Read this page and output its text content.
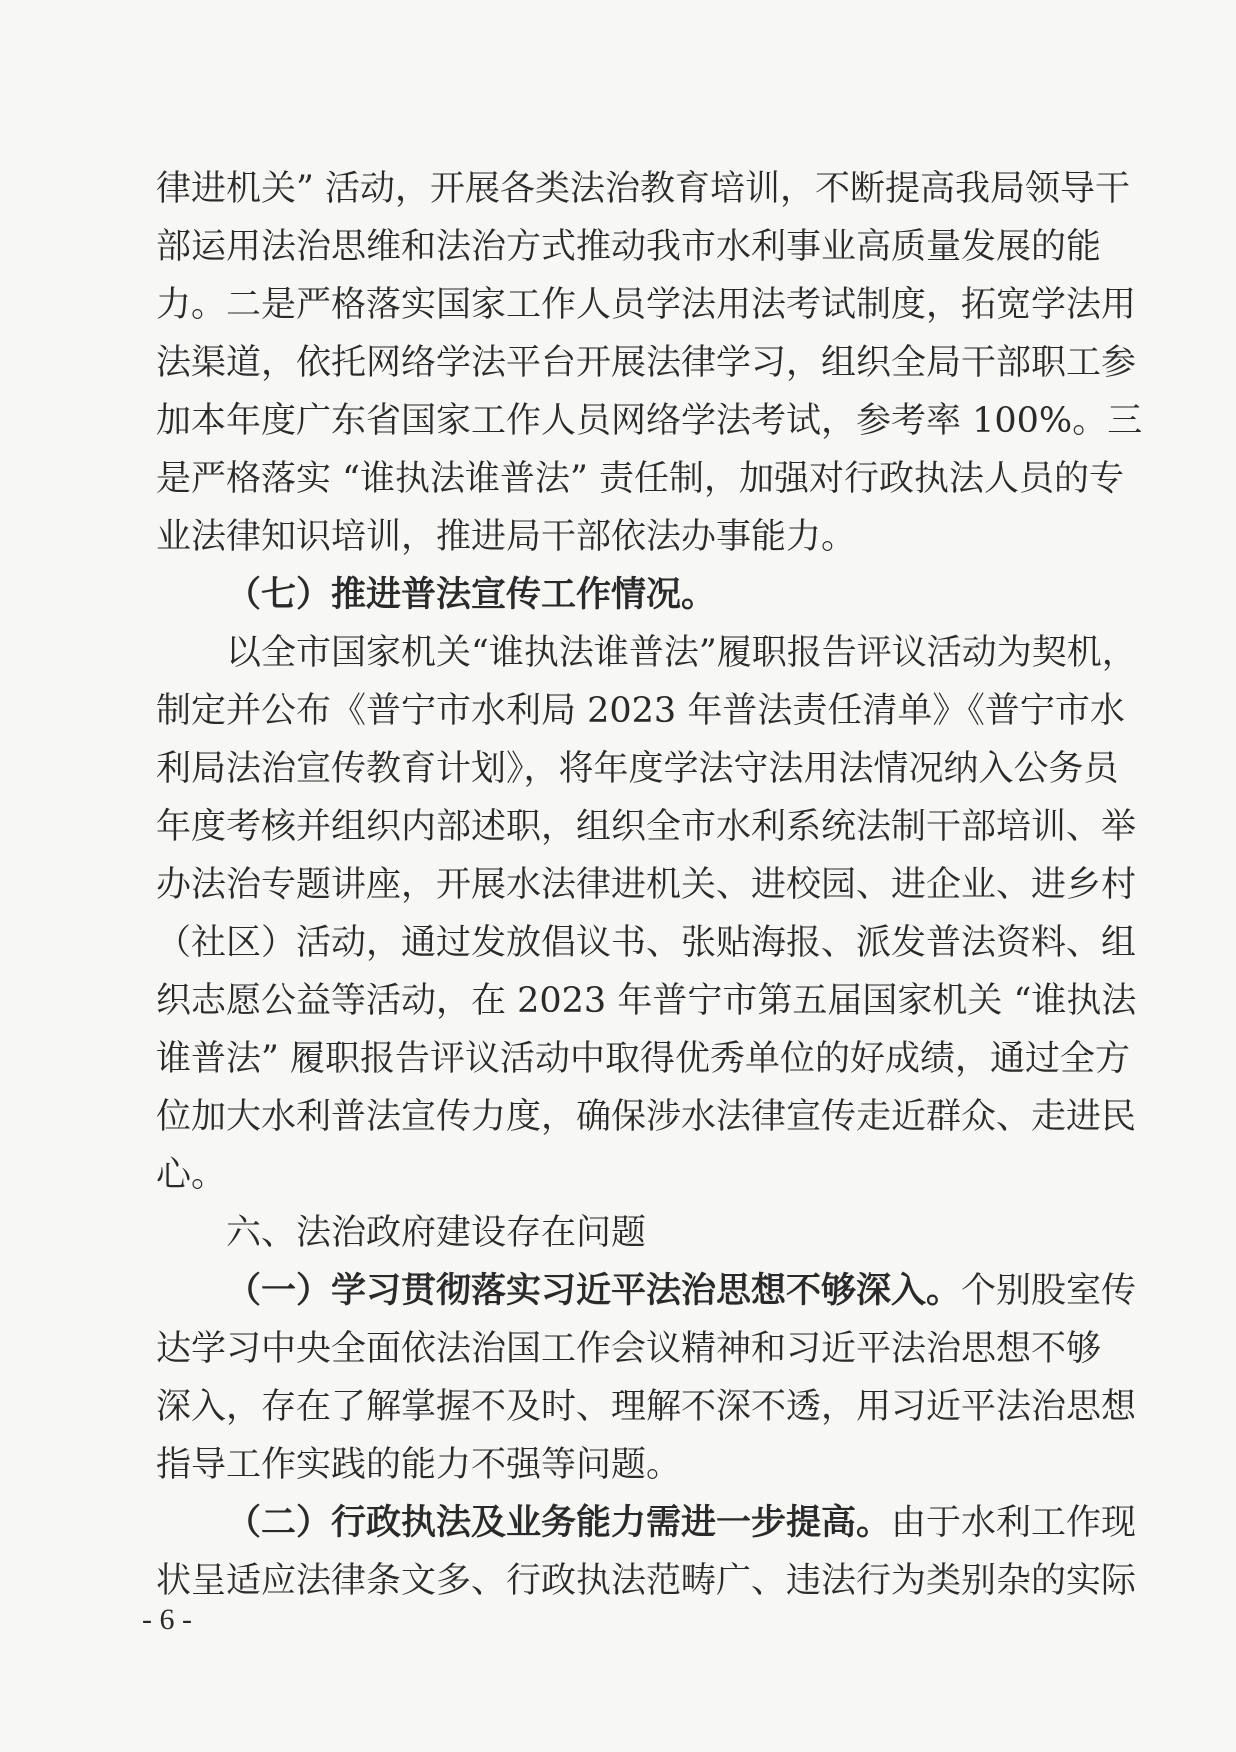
律进机关” 活动，开展各类法治教育培训，不断提高我局领导干
部运用法治思维和法治方式推动我市水利事业高质量发展的能
力。二是严格落实国家工作人员学法用法考试制度，拓宽学法用
法渠道，依托网络学法平台开展法律学习，组织全局干部职工参
加本年度广东省国家工作人员网络学法考试，参考率 100%。三
是严格落实 “谁执法谁普法” 责任制，加强对行政执法人员的专
业法律知识培训，推进局干部依法办事能力。
（七）推进普法宣传工作情况。
以全市国家机关“谁执法谁普法”履职报告评议活动为契机，
制定并公布《普宁市水利局 2023 年普法责任清单》《普宁市水
利局法治宣传教育计划》，将年度学法守法用法情况纳入公务员
年度考核并组织内部述职，组织全市水利系统法制干部培训、举
办法治专题讲座，开展水法律进机关、进校园、进企业、进乡村
（社区）活动，通过发放倡议书、张贴海报、派发普法资料、组
织志愿公益等活动，在 2023 年普宁市第五届国家机关 “谁执法
谁普法” 履职报告评议活动中取得优秀单位的好成绩，通过全方
位加大水利普法宣传力度，确保涉水法律宣传走近群众、走进民
心。
六、法治政府建设存在问题
（一）学习贯彻落实习近平法治思想不够深入。个别股室传
达学习中央全面依法治国工作会议精神和习近平法治思想不够
深入，存在了解掌握不及时、理解不深不透，用习近平法治思想
指导工作实践的能力不强等问题。
（二）行政执法及业务能力需进一步提高。由于水利工作现
状呈适应法律条文多、行政执法范畴广、违法行为类别杂的实际
- 6 -
